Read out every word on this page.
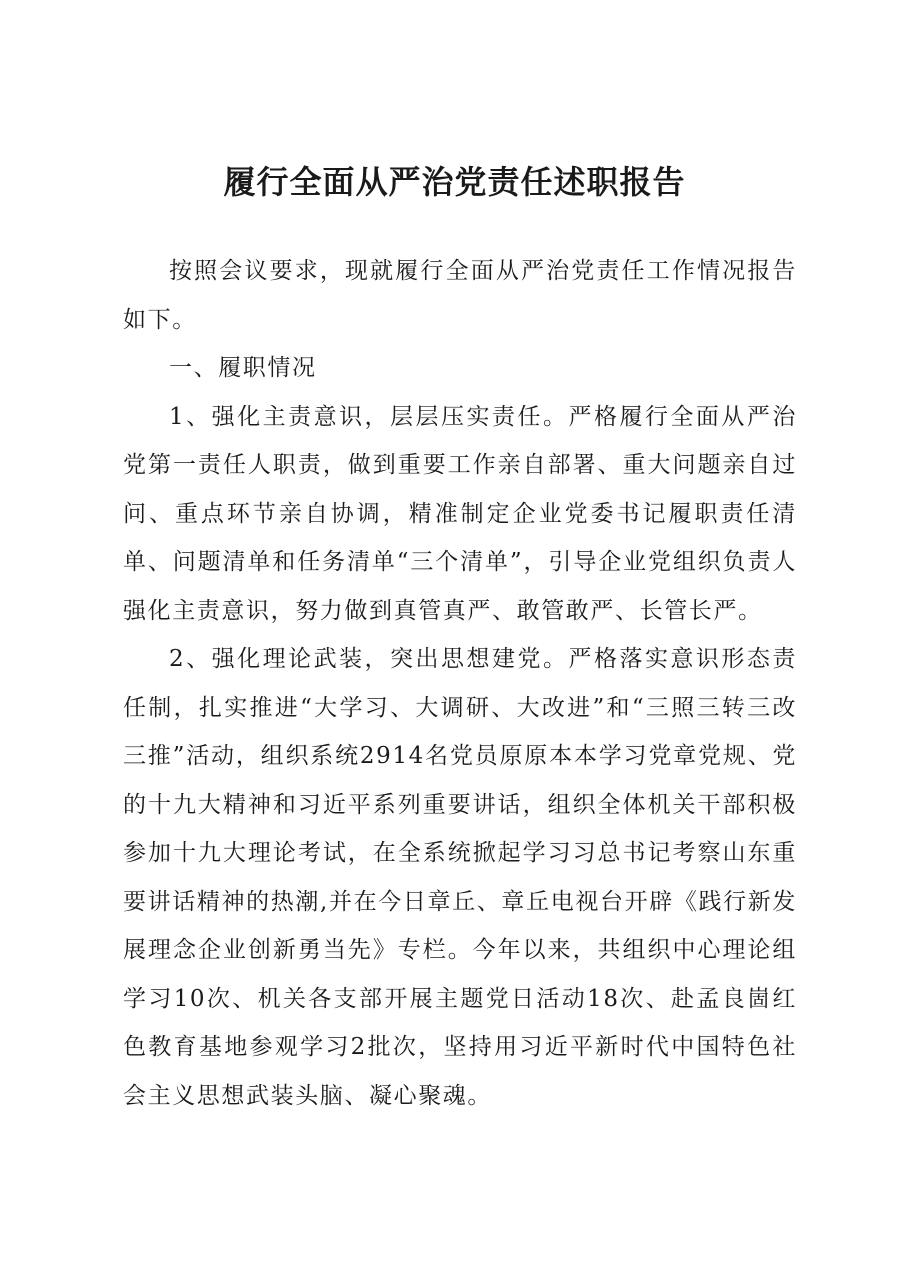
履行全面从严治党责任述职报告

按照会议要求，现就履行全面从严治党责任工作情况报告如下。

一、履职情况

1、强化主责意识，层层压实责任。严格履行全面从严治党第一责任人职责，做到重要工作亲自部署、重大问题亲自过问、重点环节亲自协调，精准制定企业党委书记履职责任清单、问题清单和任务清单“三个清单”，引导企业党组织负责人强化主责意识，努力做到真管真严、敢管敢严、长管长严。

2、强化理论武装，突出思想建党。严格落实意识形态责任制，扎实推进“大学习、大调研、大改进”和“三照三转三改三推”活动，组织系统2914名党员原原本本学习党章党规、党的十九大精神和习近平系列重要讲话，组织全体机关干部积极参加十九大理论考试，在全系统掀起学习习总书记考察山东重要讲话精神的热潮,并在今日章丘、章丘电视台开辟《践行新发展理念企业创新勇当先》专栏。今年以来，共组织中心理论组学习10次、机关各支部开展主题党日活动18次、赴孟良崮红色教育基地参观学习2批次，坚持用习近平新时代中国特色社会主义思想武装头脑、凝心聚魂。
